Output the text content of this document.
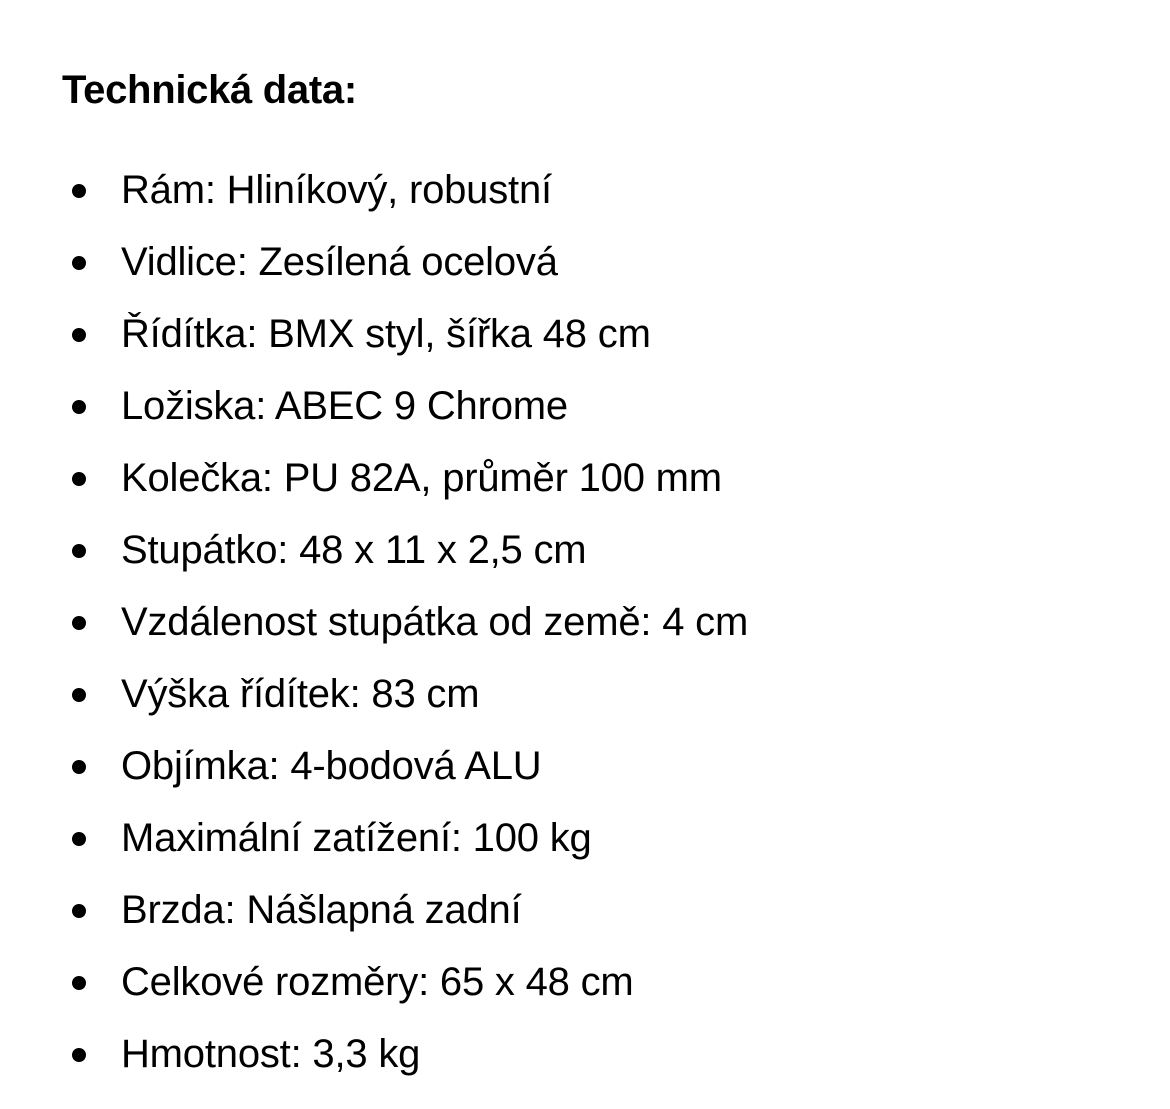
Technická data:
Rám: Hliníkový, robustní
Vidlice: Zesílená ocelová
Řídítka: BMX styl, šířka 48 cm
Ložiska: ABEC 9 Chrome
Kolečka: PU 82A, průměr 100 mm
Stupátko: 48 x 11 x 2,5 cm
Vzdálenost stupátka od země: 4 cm
Výška řídítek: 83 cm
Objímka: 4-bodová ALU
Maximální zatížení: 100 kg
Brzda: Nášlapná zadní
Celkové rozměry: 65 x 48 cm
Hmotnost: 3,3 kg
